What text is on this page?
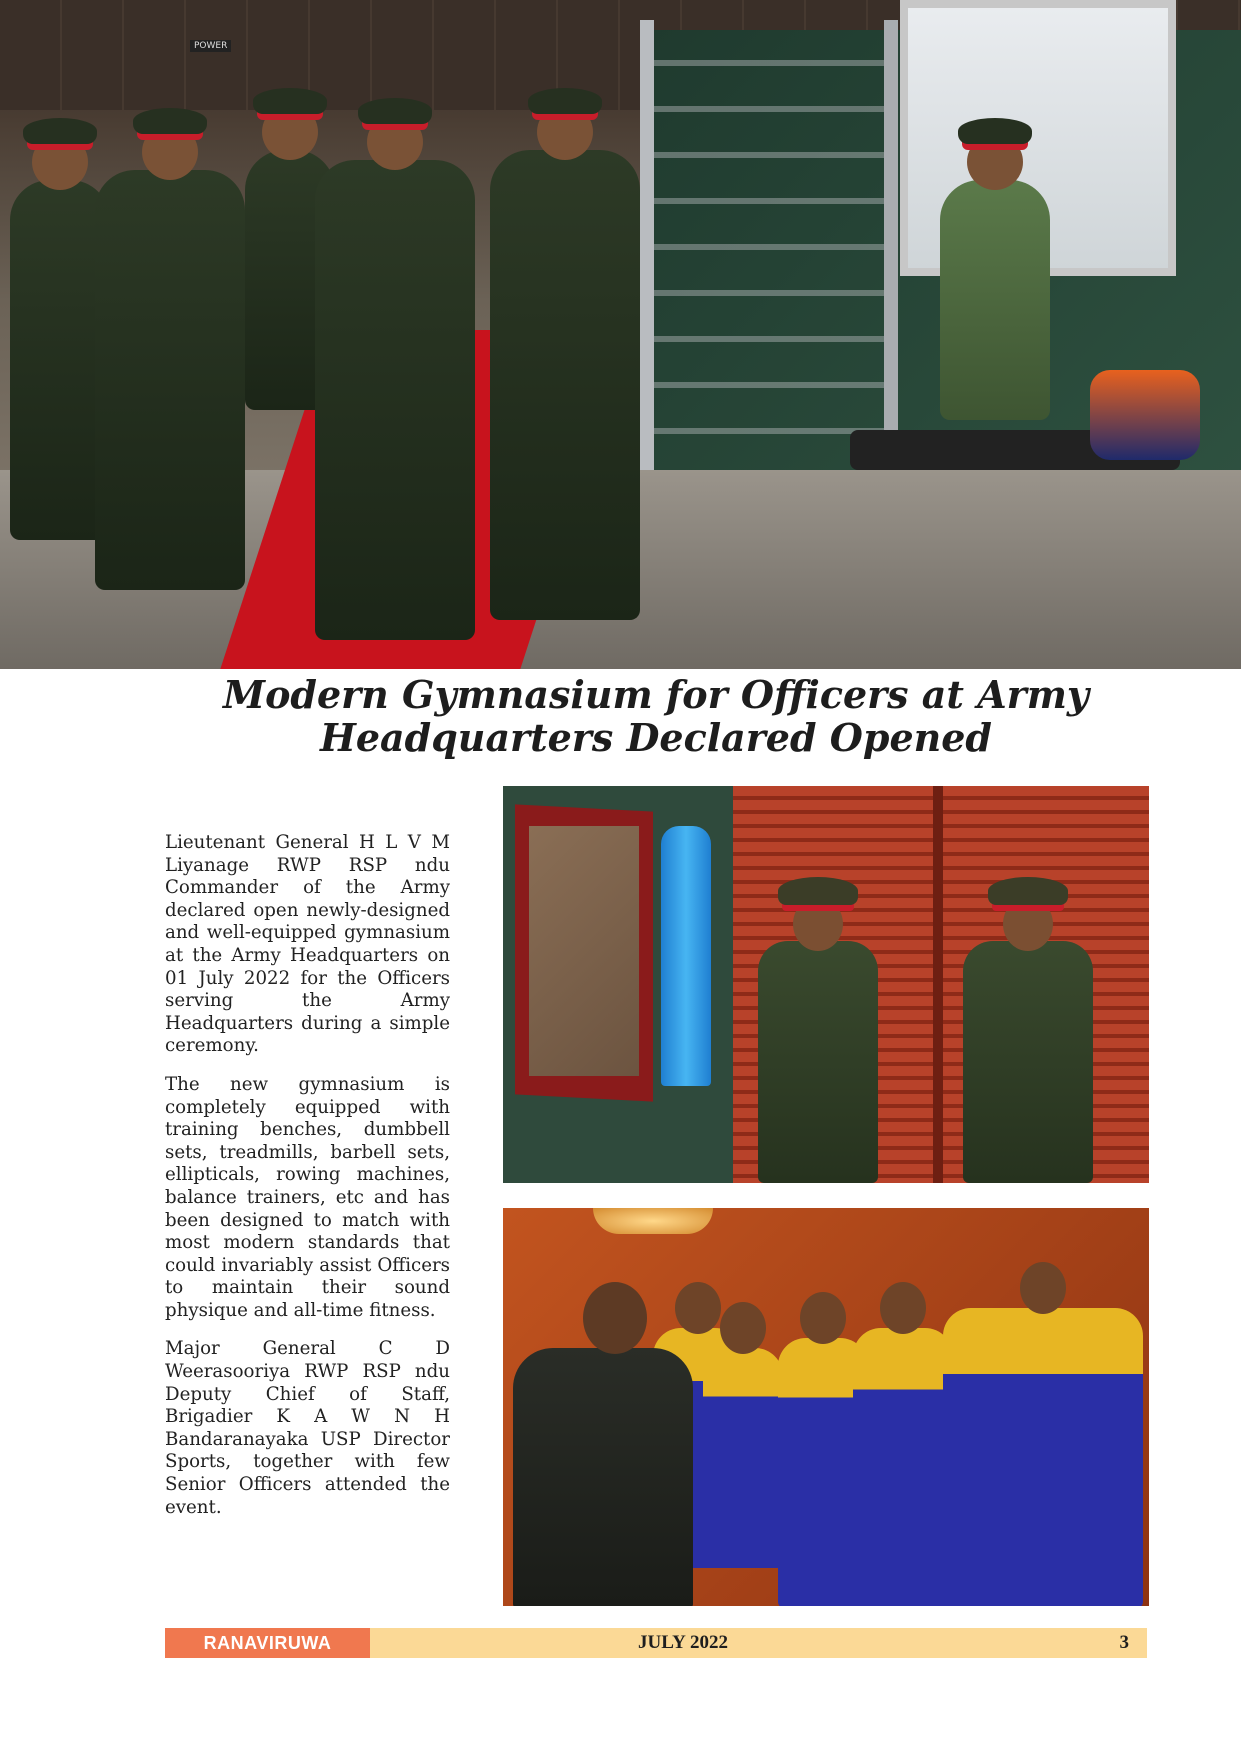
POWER
Modern Gymnasium for Officers at Army Headquarters Declared Opened

Lieutenant General H L V M Liyanage RWP RSP ndu Commander of the Army declared open newly-designed and well-equipped gymnasium at the Army Headquarters on 01 July 2022 for the Officers serving the Army Headquarters during a simple ceremony.

The new gymnasium is completely equipped with training benches, dumbbell sets, treadmills, barbell sets, ellipticals, rowing machines, balance trainers, etc and has been designed to match with most modern standards that could invariably assist Officers to maintain their sound physique and all-time fitness.

Major General C D Weerasooriya RWP RSP ndu Deputy Chief of Staff, Brigadier K A W N H Bandaranayaka USP Director Sports, together with few Senior Officers attended the event.

RANAVIRUWA	JULY 2022	3
